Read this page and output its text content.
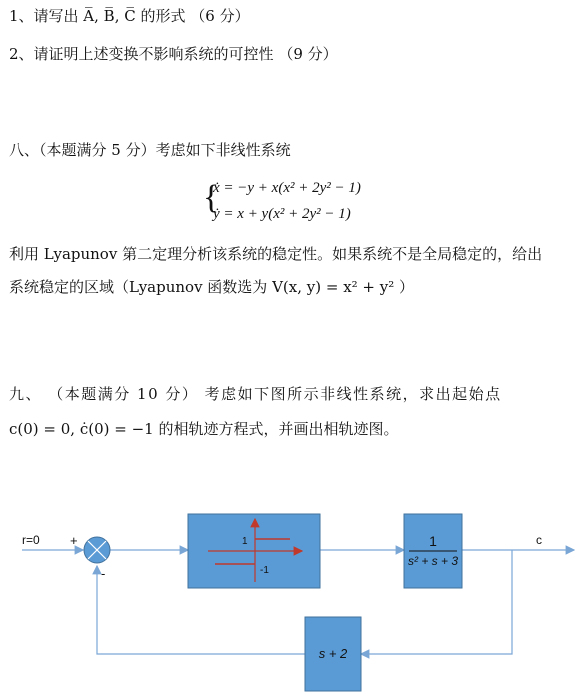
1、请写出 A̅, B̅, C̅ 的形式 （6 分）
2、请证明上述变换不影响系统的可控性 （9 分）
八、（本题满分 5 分）考虑如下非线性系统
{
ẋ = −y + x(x² + 2y² − 1)
ẏ = x + y(x² + 2y² − 1)
利用 Lyapunov 第二定理分析该系统的稳定性。如果系统不是全局稳定的，给出
系统稳定的区域（Lyapunov 函数选为 V(x, y) = x² + y² ）
九、 （本题满分 10 分） 考虑如下图所示非线性系统，求出起始点
c(0) = 0, ċ(0) = −1 的相轨迹方程式，并画出相轨迹图。
r=0 +
-
1
-1
1
s² + s + 3
s + 2
c
